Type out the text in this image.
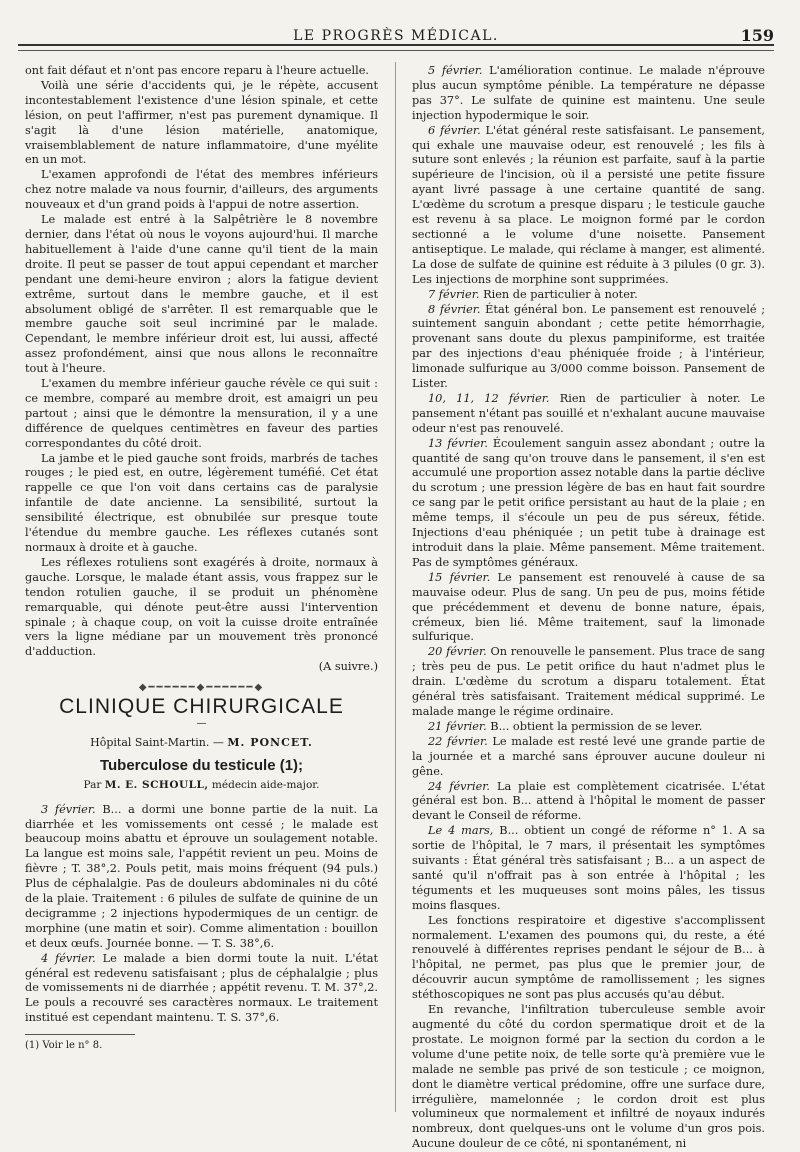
LE PROGRÈS MÉDICAL.	159

ont fait défaut et n'ont pas encore reparu à l'heure actuelle.

Voilà une série d'accidents qui, je le répète, accusent incontestablement l'existence d'une lésion spinale, et cette lésion, on peut l'affirmer, n'est pas purement dynamique. Il s'agit là d'une lésion matérielle, anatomique, vraisemblablement de nature inflammatoire, d'une myélite en un mot.

L'examen approfondi de l'état des membres inférieurs chez notre malade va nous fournir, d'ailleurs, des arguments nouveaux et d'un grand poids à l'appui de notre assertion.

Le malade est entré à la Salpêtrière le 8 novembre dernier, dans l'état où nous le voyons aujourd'hui. Il marche habituellement à l'aide d'une canne qu'il tient de la main droite. Il peut se passer de tout appui cependant et marcher pendant une demi-heure environ ; alors la fatigue devient extrême, surtout dans le membre gauche, et il est absolument obligé de s'arrêter. Il est remarquable que le membre gauche soit seul incriminé par le malade. Cependant, le membre inférieur droit est, lui aussi, affecté assez profondément, ainsi que nous allons le reconnaître tout à l'heure.

L'examen du membre inférieur gauche révèle ce qui suit : ce membre, comparé au membre droit, est amaigri un peu partout ; ainsi que le démontre la mensuration, il y a une différence de quelques centimètres en faveur des parties correspondantes du côté droit.

La jambe et le pied gauche sont froids, marbrés de taches rouges ; le pied est, en outre, légèrement tuméfié. Cet état rappelle ce que l'on voit dans certains cas de paralysie infantile de date ancienne. La sensibilité, surtout la sensibilité électrique, est obnubilée sur presque toute l'étendue du membre gauche. Les réflexes cutanés sont normaux à droite et à gauche.

Les réflexes rotuliens sont exagérés à droite, normaux à gauche. Lorsque, le malade étant assis, vous frappez sur le tendon rotulien gauche, il se produit un phénomène remarquable, qui dénote peut-être aussi l'intervention spinale ; à chaque coup, on voit la cuisse droite entraînée vers la ligne médiane par un mouvement très prononcé d'adduction.

(A suivre.)

◆━━━━━━◆━━━━━━◆
CLINIQUE CHIRURGICALE
—
Hôpital Saint-Martin. — M. PONCET.
Tuberculose du testicule (1);
Par M. E. SCHOULL, médecin aide-major.

3 février. B... a dormi une bonne partie de la nuit. La diarrhée et les vomissements ont cessé ; le malade est beaucoup moins abattu et éprouve un soulagement notable. La langue est moins sale, l'appétit revient un peu. Moins de fièvre ; T. 38°,2. Pouls petit, mais moins fréquent (94 puls.) Plus de céphalalgie. Pas de douleurs abdominales ni du côté de la plaie. Traitement : 6 pilules de sulfate de quinine de un decigramme ; 2 injections hypodermiques de un centigr. de morphine (une matin et soir). Comme alimentation : bouillon et deux œufs. Journée bonne. — T. S. 38°,6.

4 février. Le malade a bien dormi toute la nuit. L'état général est redevenu satisfaisant ; plus de céphalalgie ; plus de vomissements ni de diarrhée ; appétit revenu. T. M. 37°,2. Le pouls a recouvré ses caractères normaux. Le traitement institué est cependant maintenu. T. S. 37°,6.

(1) Voir le n° 8.

5 février. L'amélioration continue. Le malade n'éprouve plus aucun symptôme pénible. La température ne dépasse pas 37°. Le sulfate de quinine est maintenu. Une seule injection hypodermique le soir.

6 février. L'état général reste satisfaisant. Le pansement, qui exhale une mauvaise odeur, est renouvelé ; les fils à suture sont enlevés ; la réunion est parfaite, sauf à la partie supérieure de l'incision, où il a persisté une petite fissure ayant livré passage à une certaine quantité de sang. L'œdème du scrotum a presque disparu ; le testicule gauche est revenu à sa place. Le moignon formé par le cordon sectionné a le volume d'une noisette. Pansement antiseptique. Le malade, qui réclame à manger, est alimenté. La dose de sulfate de quinine est réduite à 3 pilules (0 gr. 3). Les injections de morphine sont supprimées.

7 février. Rien de particulier à noter.

8 février. État général bon. Le pansement est renouvelé ; suintement sanguin abondant ; cette petite hémorrhagie, provenant sans doute du plexus pampiniforme, est traitée par des injections d'eau phéniquée froide ; à l'intérieur, limonade sulfurique au 3/000 comme boisson. Pansement de Lister.

10, 11, 12 février. Rien de particulier à noter. Le pansement n'étant pas souillé et n'exhalant aucune mauvaise odeur n'est pas renouvelé.

13 février. Écoulement sanguin assez abondant ; outre la quantité de sang qu'on trouve dans le pansement, il s'en est accumulé une proportion assez notable dans la partie déclive du scrotum ; une pression légère de bas en haut fait sourdre ce sang par le petit orifice persistant au haut de la plaie ; en même temps, il s'écoule un peu de pus séreux, fétide. Injections d'eau phéniquée ; un petit tube à drainage est introduit dans la plaie. Même pansement. Même traitement. Pas de symptômes généraux.

15 février. Le pansement est renouvelé à cause de sa mauvaise odeur. Plus de sang. Un peu de pus, moins fétide que précédemment et devenu de bonne nature, épais, crémeux, bien lié. Même traitement, sauf la limonade sulfurique.

20 février. On renouvelle le pansement. Plus trace de sang ; très peu de pus. Le petit orifice du haut n'admet plus le drain. L'œdème du scrotum a disparu totalement. État général très satisfaisant. Traitement médical supprimé. Le malade mange le régime ordinaire.

21 février. B... obtient la permission de se lever.

22 février. Le malade est resté levé une grande partie de la journée et a marché sans éprouver aucune douleur ni gêne.

24 février. La plaie est complètement cicatrisée. L'état général est bon. B... attend à l'hôpital le moment de passer devant le Conseil de réforme.

Le 4 mars, B... obtient un congé de réforme n° 1. A sa sortie de l'hôpital, le 7 mars, il présentait les symptômes suivants : État général très satisfaisant ; B... a un aspect de santé qu'il n'offrait pas à son entrée à l'hôpital ; les téguments et les muqueuses sont moins pâles, les tissus moins flasques.

Les fonctions respiratoire et digestive s'accomplissent normalement. L'examen des poumons qui, du reste, a été renouvelé à différentes reprises pendant le séjour de B... à l'hôpital, ne permet, pas plus que le premier jour, de découvrir aucun symptôme de ramollissement ; les signes stéthoscopiques ne sont pas plus accusés qu'au début.

En revanche, l'infiltration tuberculeuse semble avoir augmenté du côté du cordon spermatique droit et de la prostate. Le moignon formé par la section du cordon a le volume d'une petite noix, de telle sorte qu'à première vue le malade ne semble pas privé de son testicule ; ce moignon, dont le diamètre vertical prédomine, offre une surface dure, irrégulière, mamelonnée ; le cordon droit est plus volumineux que normalement et infiltré de noyaux indurés nombreux, dont quelques-uns ont le volume d'un gros pois. Aucune douleur de ce côté, ni spontanément, ni
